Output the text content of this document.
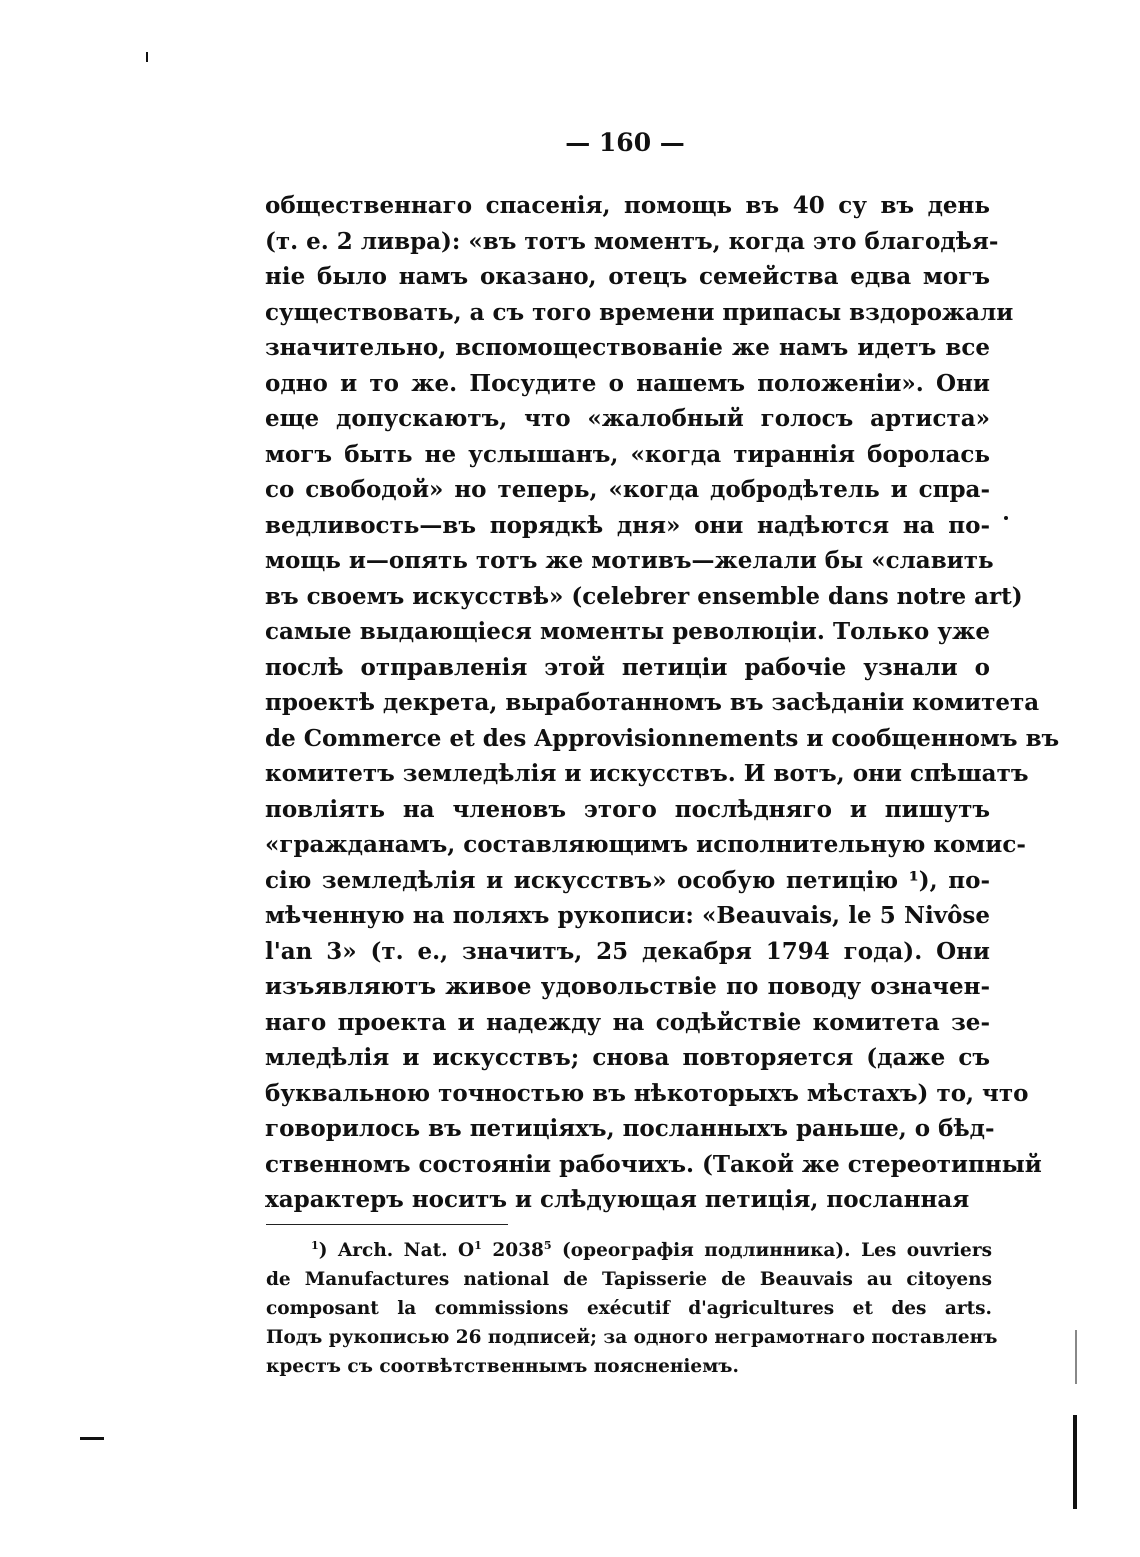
— 160 —
общественнаго спасенія, помощь въ 40 су въ день
(т. е. 2 ливра): «въ тотъ моментъ, когда это благодѣя-
ніе было намъ оказано, отецъ семейства едва могъ
существовать, а съ того времени припасы вздорожали
значительно, вспомоществованіе же намъ идетъ все
одно и то же. Посудите о нашемъ положеніи». Они
еще допускаютъ, что «жалобный голосъ артиста»
могъ быть не услышанъ, «когда тираннія боролась
со свободой» но теперь, «когда добродѣтель и спра-
ведливость—въ порядкѣ дня» они надѣются на по-
мощь и—опять тотъ же мотивъ—желали бы «славить
въ своемъ искусствѣ» (celebrer ensemble dans notre art)
самые выдающіеся моменты революціи. Только уже
послѣ отправленія этой петиціи рабочіе узнали о
проектѣ декрета, выработанномъ въ засѣданіи комитета
de Commerce et des Approvisionnements и сообщенномъ въ
комитетъ земледѣлія и искусствъ. И вотъ, они спѣшатъ
повліять на членовъ этого послѣдняго и пишутъ
«гражданамъ, составляющимъ исполнительную комис-
сію земледѣлія и искусствъ» особую петицію ¹), по-
мѣченную на поляхъ рукописи: «Beauvais, le 5 Nivôse
l'an 3» (т. е., значитъ, 25 декабря 1794 года). Они
изъявляютъ живое удовольствіе по поводу означен-
наго проекта и надежду на содѣйствіе комитета зе-
млeдѣлія и искусствъ; снова повторяется (даже съ
буквальною точностью въ нѣкоторыхъ мѣстахъ) то, что
говорилось въ петиціяхъ, посланныхъ раньше, о бѣд-
ственномъ состояніи рабочихъ. (Такой же стереотипный
характеръ носитъ и слѣдующая петиція, посланная
$^1$) Arch. Nat. $O^1$ 2038$^5$ (ореографія подлинника). Les ouvriers
de Manufactures national de Tapisserie de Beauvais au citoyens
composant la commissions exécutif d'agricultures et des arts.
Подъ рукописью 26 подписей; за одного неграмотнаго поставленъ
крестъ съ соотвѣтственнымъ поясненіемъ.
